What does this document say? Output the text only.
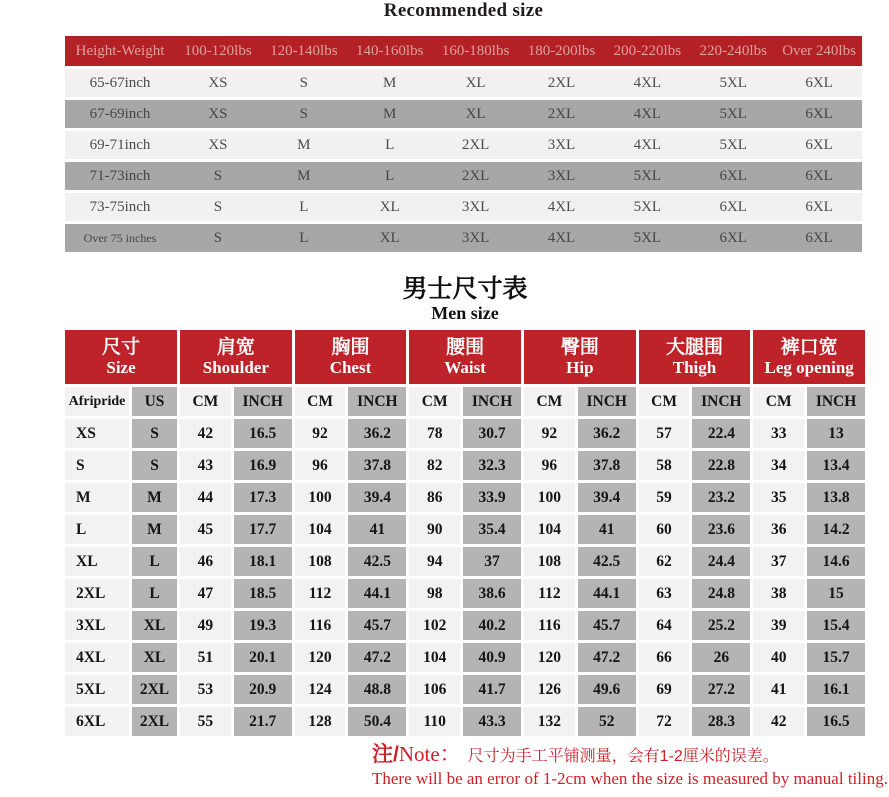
Recommended size
Height-Weight	100-120lbs	120-140lbs	140-160lbs	160-180lbs	180-200lbs	200-220lbs	220-240lbs	Over 240lbs
65-67inch	XS	S	M	XL	2XL	4XL	5XL	6XL
67-69inch	XS	S	M	XL	2XL	4XL	5XL	6XL
69-71inch	XS	M	L	2XL	3XL	4XL	5XL	6XL
71-73inch	S	M	L	2XL	3XL	5XL	6XL	6XL
73-75inch	S	L	XL	3XL	4XL	5XL	6XL	6XL
Over 75 inches	S	L	XL	3XL	4XL	5XL	6XL	6XL
男士尺寸表
Men size
尺寸
Size
肩宽
Shoulder
胸围
Chest
腰围
Waist
臀围
Hip
大腿围
Thigh
裤口宽
Leg opening
Afripride	US	CM	INCH	CM	INCH	CM	INCH	CM	INCH	CM	INCH	CM	INCH
XS	S	42	16.5	92	36.2	78	30.7	92	36.2	57	22.4	33	13
S	S	43	16.9	96	37.8	82	32.3	96	37.8	58	22.8	34	13.4
M	M	44	17.3	100	39.4	86	33.9	100	39.4	59	23.2	35	13.8
L	M	45	17.7	104	41	90	35.4	104	41	60	23.6	36	14.2
XL	L	46	18.1	108	42.5	94	37	108	42.5	62	24.4	37	14.6
2XL	L	47	18.5	112	44.1	98	38.6	112	44.1	63	24.8	38	15
3XL	XL	49	19.3	116	45.7	102	40.2	116	45.7	64	25.2	39	15.4
4XL	XL	51	20.1	120	47.2	104	40.9	120	47.2	66	26	40	15.7
5XL	2XL	53	20.9	124	48.8	106	41.7	126	49.6	69	27.2	41	16.1
6XL	2XL	55	21.7	128	50.4	110	43.3	132	52	72	28.3	42	16.5
注/ Note： 尺寸为手工平铺测量，会有1-2厘米的误差。
There will be an error of 1-2cm when the size is measured by manual tiling.
